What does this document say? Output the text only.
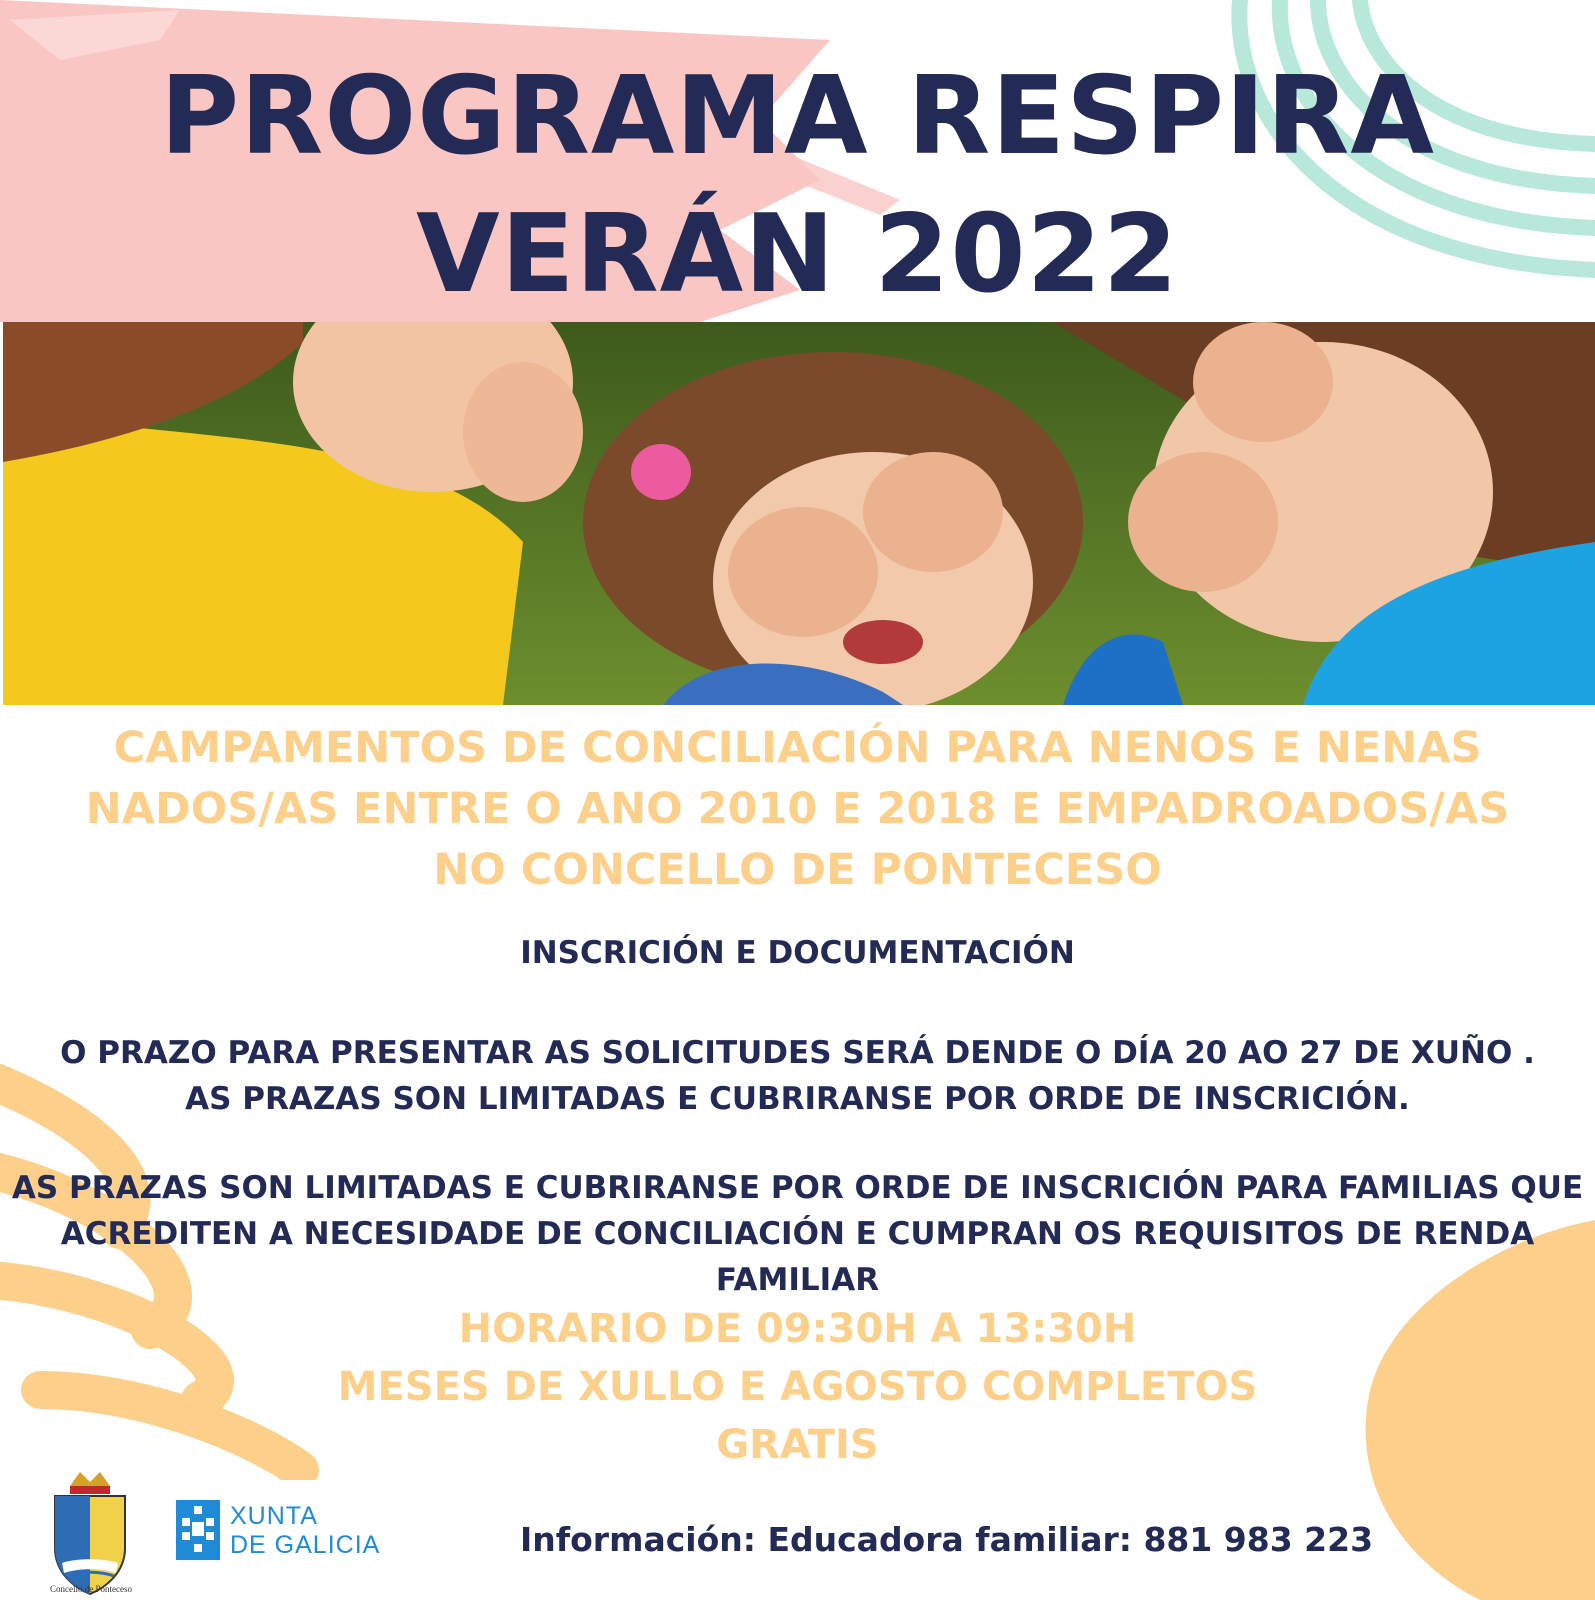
PROGRAMA RESPIRA
VERÁN 2022
CAMPAMENTOS DE CONCILIACIÓN PARA NENOS E NENAS
NADOS/AS ENTRE O ANO 2010 E 2018 E EMPADROADOS/AS
NO CONCELLO DE PONTECESO
INSCRICIÓN E DOCUMENTACIÓN
O PRAZO PARA PRESENTAR AS SOLICITUDES SERÁ DENDE O DÍA 20 AO 27 DE XUÑO .
AS PRAZAS SON LIMITADAS E CUBRIRANSE POR ORDE DE INSCRICIÓN.
AS PRAZAS SON LIMITADAS E CUBRIRANSE POR ORDE DE INSCRICIÓN PARA FAMILIAS QUE
ACREDITEN A NECESIDADE DE CONCILIACIÓN E CUMPRAN OS REQUISITOS DE RENDA FAMILIAR
HORARIO DE 09:30H A 13:30H
MESES DE XULLO E AGOSTO COMPLETOS
GRATIS
Concello de Ponteceso
XUNTA
DE GALICIA	Información: Educadora familiar: 881 983 223
